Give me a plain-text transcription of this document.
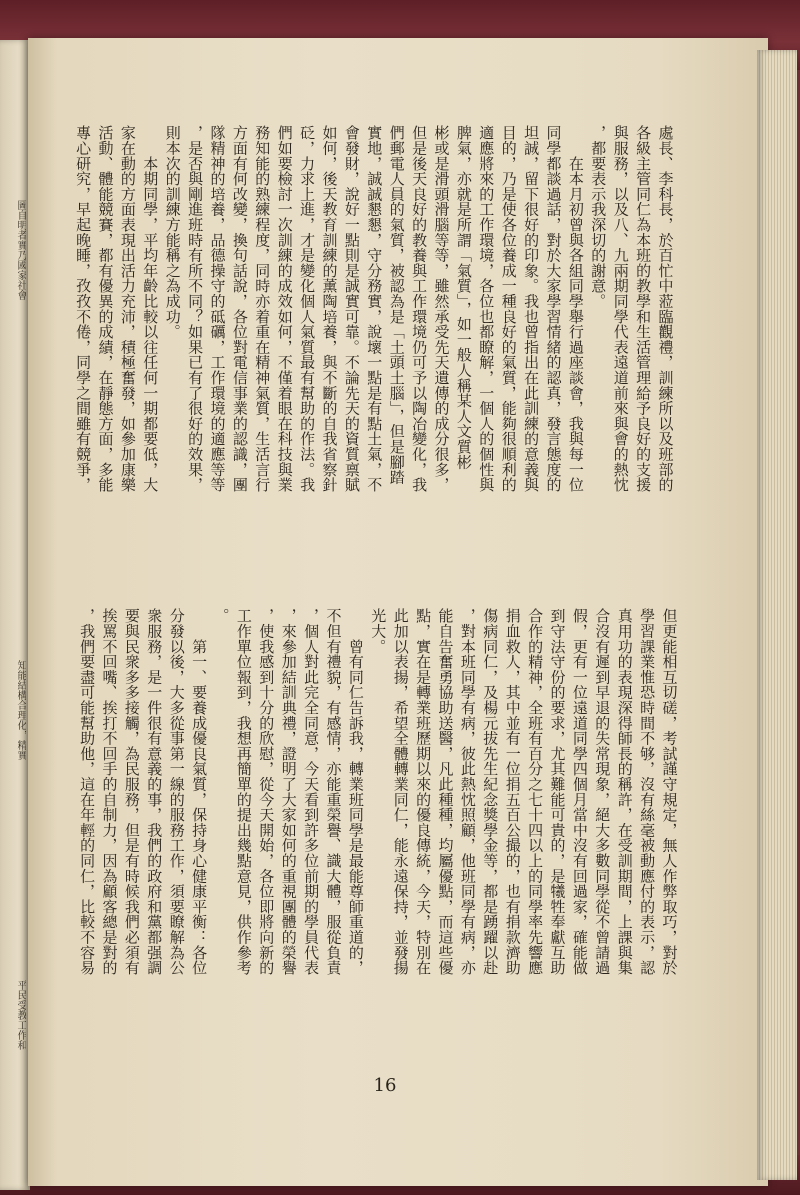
圖自明者實乃國家社會
知能結構合理化，精實
平民受教工作和
處長、李科長，於百忙中蒞臨觀禮，訓練所以及班部的
各級主管同仁為本班的教學和生活管理給予良好的支援
與服務，以及八、九兩期同學代表遠道前來與會的熱忱
，都要表示我深切的謝意。
　　在本月初曾與各組同學舉行過座談會，我與每一位
同學都談過話，對於大家學習情緒的認真，發言態度的
坦誠，留下很好的印象。我也曾指出在此訓練的意義與
目的，乃是使各位養成一種良好的氣質，能夠很順利的
適應將來的工作環境，各位也都瞭解，一個人的個性與
脾氣，亦就是所謂「氣質」，如一般人稱某人文質彬
彬或是滑頭滑腦等等，雖然承受先天遺傳的成分很多，
但是後天良好的教養與工作環境仍可予以陶冶變化，我
們郵電人員的氣質，被認為是「土頭土腦」，但是腳踏
實地，誠誠懇懇，守分務實，說壞一點是有點土氣，不
會發財，說好一點則是誠實可靠。不論先天的資質禀賦
如何，後天教育訓練的薰陶培養，與不斷的自我省察針
砭，力求上進，才是變化個人氣質最有幫助的作法。我
們如要檢討一次訓練的成效如何，不僅着眼在科技與業
務知能的熟練程度，同時亦着重在精神氣質，生活言行
方面有何改變，換句話說，各位對電信事業的認識，團
隊精神的培養，品德操守的砥礪，工作環境的適應等等
，是否與剛進班時有所不同？如果已有了很好的效果，
則本次的訓練方能稱之為成功。
　　本期同學，平均年齡比較以往任何一期都要低，大
家在動的方面表現出活力充沛，積極奮發，如參加康樂
活動、體能競賽，都有優異的成績，在靜態方面，多能
專心研究，早起晚睡，孜孜不倦，同學之間雖有競爭，
但更能相互切磋，考試謹守規定，無人作弊取巧，對於
學習課業惟恐時間不够，沒有絲毫被動應付的表示，認
真用功的表現深得師長的稱許，在受訓期間，上課與集
合沒有遲到早退的失常現象，絕大多數同學從不曾請過
假，更有一位遠道同學四個月當中沒有回過家，確能做
到守法守份的要求，尤其難能可貴的，是犧牲奉獻互助
合作的精神，全班有百分之七十四以上的同學率先響應
捐血救人，其中並有一位捐五百公撮的，也有捐款濟助
傷病同仁，及楊元拔先生紀念獎學金等，都是踴躍以赴
，對本班同學有病，彼此熱忱照顧，他班同學有病，亦
能自告奮勇協助送醫，凡此種種，均屬優點，而這些優
點，實在是轉業班歷期以來的優良傳統，今天，特別在
此加以表揚，希望全體轉業同仁，能永遠保持，並發揚
光大。
　　曾有同仁告訴我，轉業班同學是最能尊師重道的，
不但有禮貌，有感情，亦能重榮譽、識大體，服從負責
，個人對此完全同意，今天看到許多位前期的學員代表
，來參加結訓典禮，證明了大家如何的重視團體的榮譽
，使我感到十分的欣慰，從今天開始，各位即將向新的
工作單位報到，我想再簡單的提出幾點意見，供作參考
。
　　第一、要養成優良氣質，保持身心健康平衡：各位
分發以後，大多從事第一線的服務工作，須要瞭解為公
衆服務，是一件很有意義的事，我們的政府和黨都强調
要與民衆多多接觸，為民服務，但是有時候我們必須有
挨罵不回嘴、挨打不回手的自制力，因為顧客總是對的
，我們要盡可能幫助他，這在年輕的同仁，比較不容易
16
